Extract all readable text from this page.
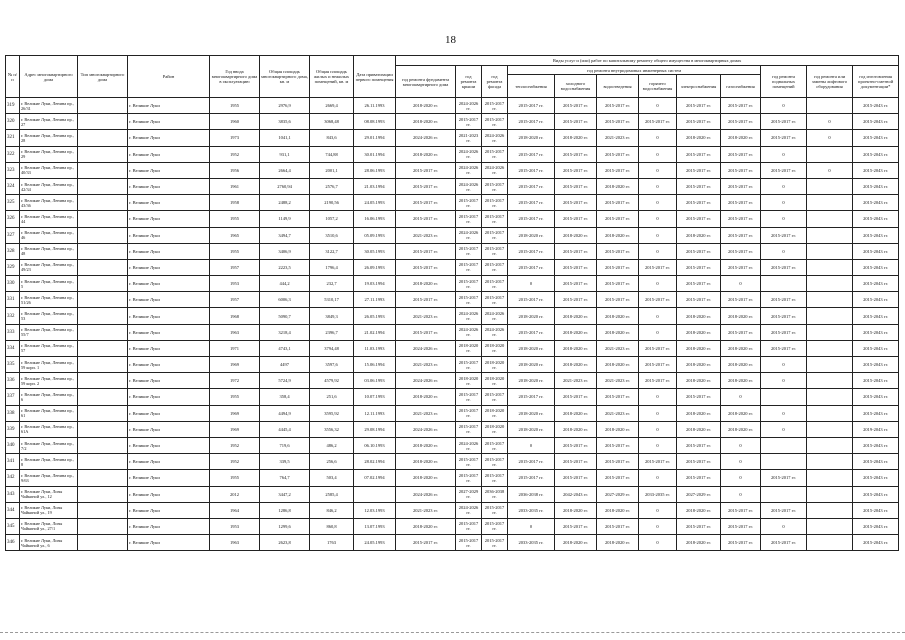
18
№ п/п	Адрес многоквартирного дома	Тип многоквартирного дома	Район	Год ввода многоквартирного дома в эксплуатацию	Общая площадь многоквартирного дома, кв. м	Общая площадь жилых и нежилых помещений, кв. м	Дата приватизации первого помещения	Виды услуг и (или) работ по капитальному ремонту общего имущества в многоквартирных домах											
								год ремонта фундамента многоквартирного дома	год ремонта крыши	год ремонта фасада	год ремонта внутридомовых инженерных систем						год ремонта подвальных помещений	год ремонта или замены лифтового оборудования	год изготовления проектно-сметной документации*
											теплоснабжения	холодного водоснабжения	водоотведения	горячего водоснабжения	электроснабжения	газоснабжения			
319	г. Великие Луки, Ленина пр., 26/31		г. Великие Луки	1955	2976,9	2669,4	26.11.1993	2018-2020 гг.	2024-2026 гг.	2015-2017 гг.	2015-2017 гг.	2015-2017 гг.	2015-2017 гг.	0	2015-2017 гг.	2015-2017 гг.	0		2015-2043 гг.
320	г. Великие Луки, Ленина пр., 27		г. Великие Луки	1960	3835,6	3068,48	08.08.1993	2018-2020 гг.	2015-2017 гг.	2015-2017 гг.	2015-2017 гг.	2015-2017 гг.	2015-2017 гг.	2015-2017 гг.	2015-2017 гг.	2015-2017 гг.	2015-2017 гг.	0	2015-2043 гг.
321	г. Великие Луки, Ленина пр., 28		г. Великие Луки	1973	1041,1	843,6	29.01.1994	2024-2026 гг.	2021-2023 гг.	2024-2026 гг.	2018-2020 гг.	2018-2020 гг.	2021-2023 гг.	0	2018-2020 гг.	2018-2020 гг.	2015-2017 гг.	0	2015-2043 гг.
322	г. Великие Луки, Ленина пр., 29		г. Великие Луки	1952	931,1	744,88	30.01.1994	2018-2020 гг.	2024-2026 гг.	2015-2017 гг.	2015-2017 гг.	2015-2017 гг.	2015-2017 гг.	0	2015-2017 гг.	2015-2017 гг.	0		2015-2043 гг.
323	г. Великие Луки, Ленина пр., 40/33		г. Великие Луки	1956	2664,4	2001,1	28.06.1993	2015-2017 гг.	2024-2026 гг.	2024-2026 гг.	2015-2017 гг.	2015-2017 гг.	2015-2017 гг.	0	2015-2017 гг.	2015-2017 гг.	2015-2017 гг.	0	2015-2043 гг.
324	г. Великие Луки, Ленина пр., 42/34		г. Великие Луки	1961	2760,94	2576,7	21.03.1994	2015-2017 гг.	2024-2026 гг.	2015-2017 гг.	2015-2017 гг.	2015-2017 гг.	2018-2020 гг.	0	2015-2017 гг.	2015-2017 гг.	0		2015-2043 гг.
325	г. Великие Луки, Ленина пр., 43/36		г. Великие Луки	1958	2488,2	2190,56	24.05.1993	2015-2017 гг.	2015-2017 гг.	2015-2017 гг.	2015-2017 гг.	2015-2017 гг.	2015-2017 гг.	0	2015-2017 гг.	2015-2017 гг.	0		2015-2043 гг.
326	г. Великие Луки, Ленина пр., 44		г. Великие Луки	1955	1149,9	1057,2	16.06.1993	2015-2017 гг.	2015-2017 гг.	2015-2017 гг.	2015-2017 гг.	2015-2017 гг.	2015-2017 гг.	0	2015-2017 гг.	2015-2017 гг.	0		2015-2043 гг.
327	г. Великие Луки, Ленина пр., 46		г. Великие Луки	1965	3494,7	3510,6	05.09.1993	2021-2023 гг.	2024-2026 гг.	2015-2017 гг.	2018-2020 гг.	2018-2020 гг.	2018-2020 гг.	0	2018-2020 гг.	2015-2017 гг.	2015-2017 гг.		2015-2043 гг.
328	г. Великие Луки, Ленина пр., 48		г. Великие Луки	1955	3406,9	3122,7	30.05.1993	2015-2017 гг.	2015-2017 гг.	2015-2017 гг.	2015-2017 гг.	2015-2017 гг.	2015-2017 гг.	0	2015-2017 гг.	2015-2017 гг.	0		2015-2043 гг.
329	г. Великие Луки, Ленина пр., 49/23		г. Великие Луки	1957	2223,5	1796,4	26.09.1993	2015-2017 гг.	2015-2017 гг.	2015-2017 гг.	2015-2017 гг.	2015-2017 гг.	2015-2017 гг.	2015-2017 гг.	2015-2017 гг.	2015-2017 гг.	2015-2017 гг.		2015-2043 гг.
330	г. Великие Луки, Ленина пр., 5		г. Великие Луки	1953	444,2	232,7	19.03.1994	2018-2020 гг.	2015-2017 гг.	2015-2017 гг.	0	2015-2017 гг.	2015-2017 гг.	0	2015-2017 гг.	0			2015-2043 гг.
331	г. Великие Луки, Ленина пр., 51/26		г. Великие Луки	1957	6006,3	5310,17	27.11.1993	2015-2017 гг.	2015-2017 гг.	2015-2017 гг.	2015-2017 гг.	2015-2017 гг.	2015-2017 гг.	2015-2017 гг.	2015-2017 гг.	2015-2017 гг.	2015-2017 гг.		2015-2043 гг.
332	г. Великие Луки, Ленина пр., 53		г. Великие Луки	1968	5090,7	3849,3	26.05.1993	2021-2023 гг.	2024-2026 гг.	2024-2026 гг.	2018-2020 гг.	2018-2020 гг.	2018-2020 гг.	0	2018-2020 гг.	2018-2020 гг.	2015-2017 гг.		2015-2043 гг.
333	г. Великие Луки, Ленина пр., 55/7		г. Великие Луки	1963	3218,4	2396,7	21.02.1994	2015-2017 гг.	2024-2026 гг.	2024-2026 гг.	2015-2017 гг.	2018-2020 гг.	2018-2020 гг.	0	2018-2020 гг.	2015-2017 гг.	2015-2017 гг.		2015-2043 гг.
334	г. Великие Луки, Ленина пр., 57		г. Великие Луки	1971	4743,1	3794,48	11.03.1993	2024-2026 гг.	2018-2020 гг.	2018-2020 гг.	2018-2020 гг.	2018-2020 гг.	2021-2023 гг.	2015-2017 гг.	2018-2020 гг.	2018-2020 гг.	2015-2017 гг.		2015-2043 гг.
335	г. Великие Луки, Ленина пр., 59 корп. 1		г. Великие Луки	1969	4497	3597,6	15.06.1994	2021-2023 гг.	2015-2017 гг.	2018-2020 гг.	2018-2020 гг.	2018-2020 гг.	2018-2020 гг.	2015-2017 гг.	2018-2020 гг.	2018-2020 гг.	0		2015-2043 гг.
336	г. Великие Луки, Ленина пр., 59 корп. 2		г. Великие Луки	1972	5724,9	4579,92	03.06.1993	2024-2026 гг.	2018-2020 гг.	2018-2020 гг.	2018-2020 гг.	2021-2023 гг.	2021-2023 гг.	2015-2017 гг.	2018-2020 гг.	2018-2020 гг.	0		2015-2043 гг.
337	г. Великие Луки, Ленина пр., 6		г. Великие Луки	1955	358,4	251,6	10.07.1993	2018-2020 гг.	2015-2017 гг.	2015-2017 гг.	2015-2017 гг.	2015-2017 гг.	2015-2017 гг.	0	2015-2017 гг.	0			2015-2043 гг.
338	г. Великие Луки, Ленина пр., 61		г. Великие Луки	1969	4494,9	3595,92	12.11.1993	2021-2023 гг.	2015-2017 гг.	2018-2020 гг.	2018-2020 гг.	2018-2020 гг.	2021-2023 гг.	0	2018-2020 гг.	2018-2020 гг.	0		2015-2043 гг.
339	г. Великие Луки, Ленина пр., 61А		г. Великие Луки	1969	4445,4	3556,32	29.08.1994	2024-2026 гг.	2015-2017 гг.	2018-2020 гг.	2018-2020 гг.	2018-2020 гг.	2018-2020 гг.	0	2018-2020 гг.	2018-2020 гг.	0		2019-2043 гг.
340	г. Великие Луки, Ленина пр., 7/2		г. Великие Луки	1952	719,6	486,2	06.10.1993	2018-2020 гг.	2024-2026 гг.	2015-2017 гг.	0	2015-2017 гг.	2015-2017 гг.	0	2015-2017 гг.	0			2015-2043 гг.
341	г. Великие Луки, Ленина пр., 8		г. Великие Луки	1952	339,5	256,6	28.02.1994	2018-2020 гг.	2015-2017 гг.	2015-2017 гг.	2015-2017 гг.	2015-2017 гг.	2015-2017 гг.	2015-2017 гг.	2015-2017 гг.	0			2015-2043 гг.
342	г. Великие Луки, Ленина пр., 9/63		г. Великие Луки	1955	764,7	503,4	07.02.1994	2018-2020 гг.	2015-2017 гг.	2015-2017 гг.	2015-2017 гг.	2015-2017 гг.	2015-2017 гг.	0	2015-2017 гг.	0	2015-2017 гг.		2015-2043 гг.
343	г. Великие Луки, Лизы Чайкиной ул., 12		г. Великие Луки	2012	3447,2	2585,4		2024-2026 гг.	2027-2029 гг.	2036-2038 гг.	2036-2038 гг.	2042-2043 гг.	2027-2029 гг.	2033-2035 гг.	2027-2029 гг.	0			2015-2043 гг.
344	г. Великие Луки, Лизы Чайкиной ул., 19		г. Великие Луки	1964	1286,8	846,2	12.03.1993	2021-2023 гг.	2024-2026 гг.	2015-2017 гг.	2033-2035 гг.	2018-2020 гг.	2018-2020 гг.	0	2018-2020 гг.	2015-2017 гг.	2015-2017 гг.		2015-2043 гг.
345	г. Великие Луки, Лизы Чайкиной ул., 27/1		г. Великие Луки	1953	1299,6	860,8	13.07.1993	2018-2020 гг.	2015-2017 гг.	2015-2017 гг.	0	2015-2017 гг.	2015-2017 гг.	0	2015-2017 гг.	2015-2017 гг.	0		2015-2043 гг.
346	г. Великие Луки, Лизы Чайкиной ул., 6		г. Великие Луки	1963	2623,8	1763	24.05.1993	2015-2017 гг.	2015-2017 гг.	2015-2017 гг.	2033-2035 гг.	2018-2020 гг.	2018-2020 гг.	0	2018-2020 гг.	2015-2017 гг.	2015-2017 гг.		2015-2043 гг.
